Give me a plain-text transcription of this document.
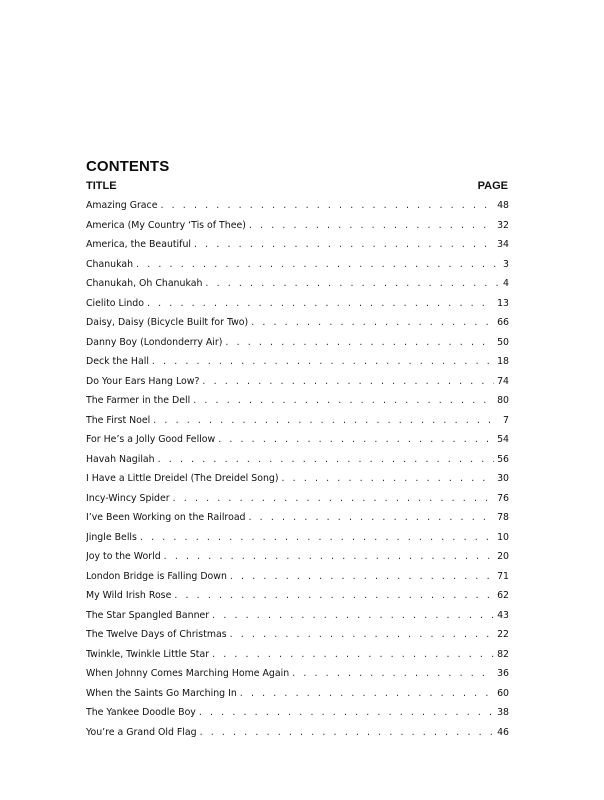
CONTENTS
TITLE	PAGE
Amazing Grace . . .	48
America (My Country ‘Tis of Thee) . . .	32
America, the Beautiful . . .	34
Chanukah . . .	3
Chanukah, Oh Chanukah . . .	4
Cielito Lindo . . .	13
Daisy, Daisy (Bicycle Built for Two) . . .	66
Danny Boy (Londonderry Air) . . .	50
Deck the Hall . . .	18
Do Your Ears Hang Low? . . .	74
The Farmer in the Dell . . .	80
The First Noel . . .	7
For He’s a Jolly Good Fellow . . .	54
Havah Nagilah . . .	56
I Have a Little Dreidel (The Dreidel Song) . . .	30
Incy-Wincy Spider . . .	76
I’ve Been Working on the Railroad . . .	78
Jingle Bells . . .	10
Joy to the World . . .	20
London Bridge is Falling Down . . .	71
My Wild Irish Rose . . .	62
The Star Spangled Banner . . .	43
The Twelve Days of Christmas . . .	22
Twinkle, Twinkle Little Star . . .	82
When Johnny Comes Marching Home Again . . .	36
When the Saints Go Marching In . . .	60
The Yankee Doodle Boy . . .	38
You’re a Grand Old Flag . . .	46
